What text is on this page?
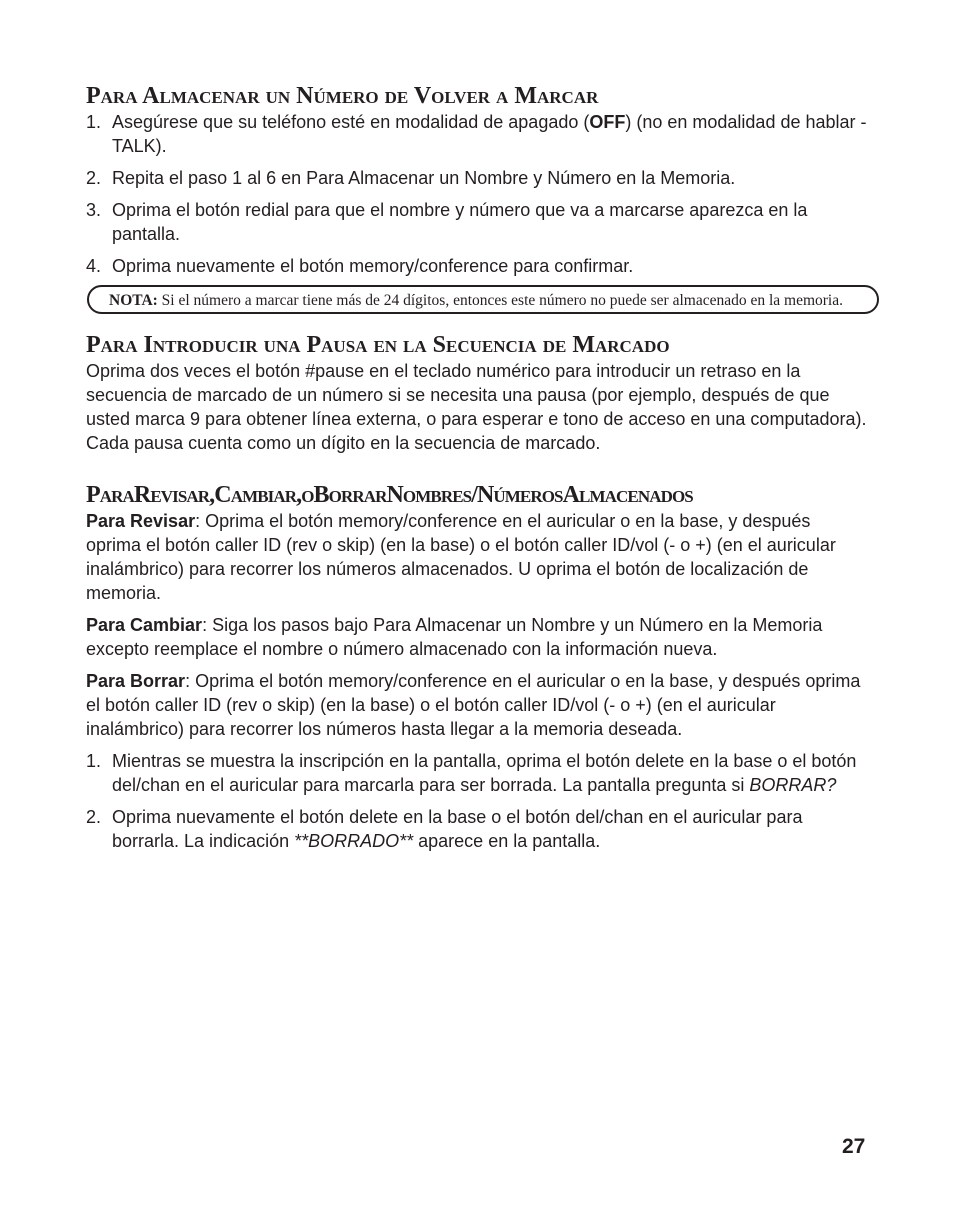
Para Almacenar un Número de Volver a Marcar
1. Asegúrese que su teléfono esté en modalidad de apagado (OFF) (no en modalidad de hablar -TALK).
2. Repita el paso 1 al 6 en Para Almacenar un Nombre y Número en la Memoria.
3. Oprima el botón redial para que el nombre y número que va a marcarse aparezca en la pantalla.
4. Oprima nuevamente el botón memory/conference para confirmar.
NOTA: Si el número a marcar tiene más de 24 dígitos, entonces este número no puede ser almacenado en la memoria.
Para Introducir una Pausa en la Secuencia de Marcado

Oprima dos veces el botón #pause en el teclado numérico para introducir un retraso en la secuencia de marcado de un número si se necesita una pausa (por ejemplo, después de que usted marca 9 para obtener línea externa, o para esperar e tono de acceso en una computadora). Cada pausa cuenta como un dígito en la secuencia de marcado.

ParaRevisar,Cambiar,oBorrarNombres/NúmerosAlmacenados

Para Revisar: Oprima el botón memory/conference en el auricular o en la base, y después oprima el botón caller ID (rev o skip) (en la base) o el botón caller ID/vol (- o +) (en el auricular inalámbrico) para recorrer los números almacenados. U oprima el botón de localización de memoria.

Para Cambiar: Siga los pasos bajo Para Almacenar un Nombre y un Número en la Memoria excepto reemplace el nombre o número almacenado con la información nueva.

Para Borrar: Oprima el botón memory/conference en el auricular o en la base, y después oprima el botón caller ID (rev o skip) (en la base) o el botón caller ID/vol (- o +) (en el auricular inalámbrico) para recorrer los números hasta llegar a la memoria deseada.

1. Mientras se muestra la inscripción en la pantalla, oprima el botón delete en la base o el botón del/chan en el auricular para marcarla para ser borrada. La pantalla pregunta si BORRAR?
2. Oprima nuevamente el botón delete en la base o el botón del/chan en el auricular para borrarla. La indicación **BORRADO** aparece en la pantalla.
27
